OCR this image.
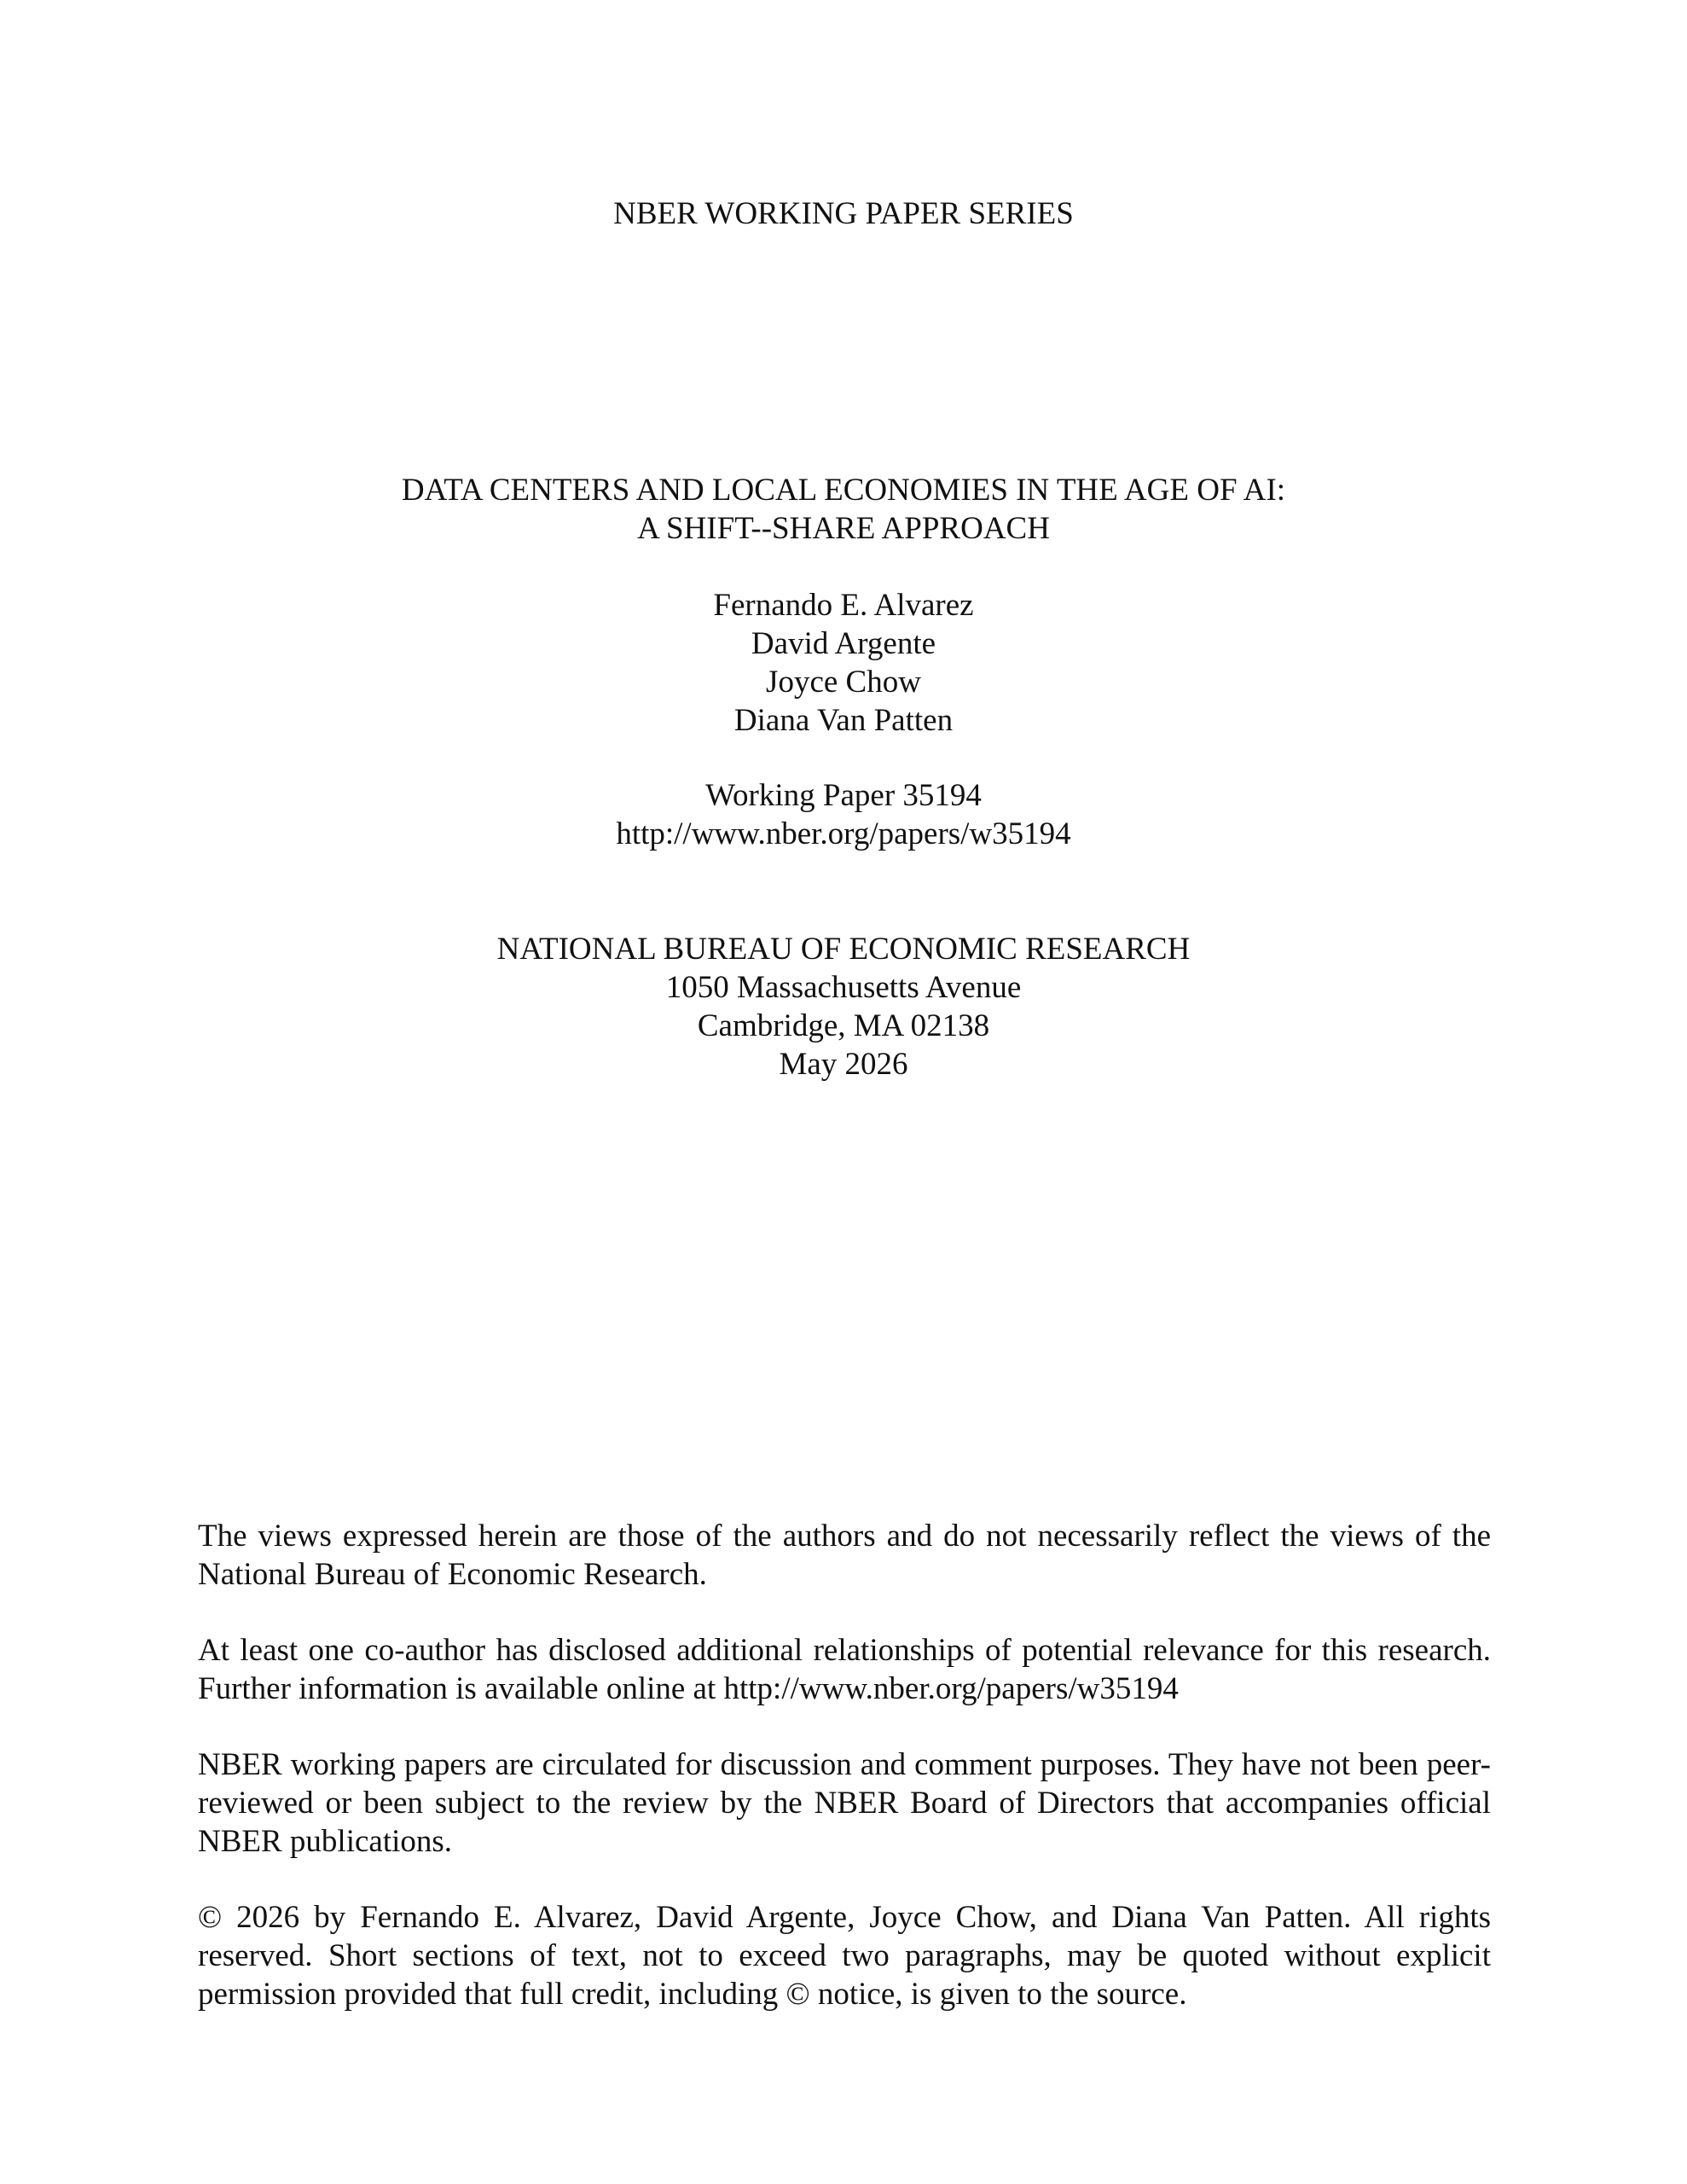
NBER WORKING PAPER SERIES
DATA CENTERS AND LOCAL ECONOMIES IN THE AGE OF AI:
A SHIFT--SHARE APPROACH
Fernando E. Alvarez
David Argente
Joyce Chow
Diana Van Patten
Working Paper 35194
http://www.nber.org/papers/w35194
NATIONAL BUREAU OF ECONOMIC RESEARCH
1050 Massachusetts Avenue
Cambridge, MA 02138
May 2026

The views expressed herein are those of the authors and do not necessarily reflect the views of the National Bureau of Economic Research.

At least one co-author has disclosed additional relationships of potential relevance for this research. Further information is available online at http://www.nber.org/papers/w35194

NBER working papers are circulated for discussion and comment purposes. They have not been peer-reviewed or been subject to the review by the NBER Board of Directors that accompanies official NBER publications.

© 2026 by Fernando E. Alvarez, David Argente, Joyce Chow, and Diana Van Patten. All rights reserved. Short sections of text, not to exceed two paragraphs, may be quoted without explicit permission provided that full credit, including © notice, is given to the source.
